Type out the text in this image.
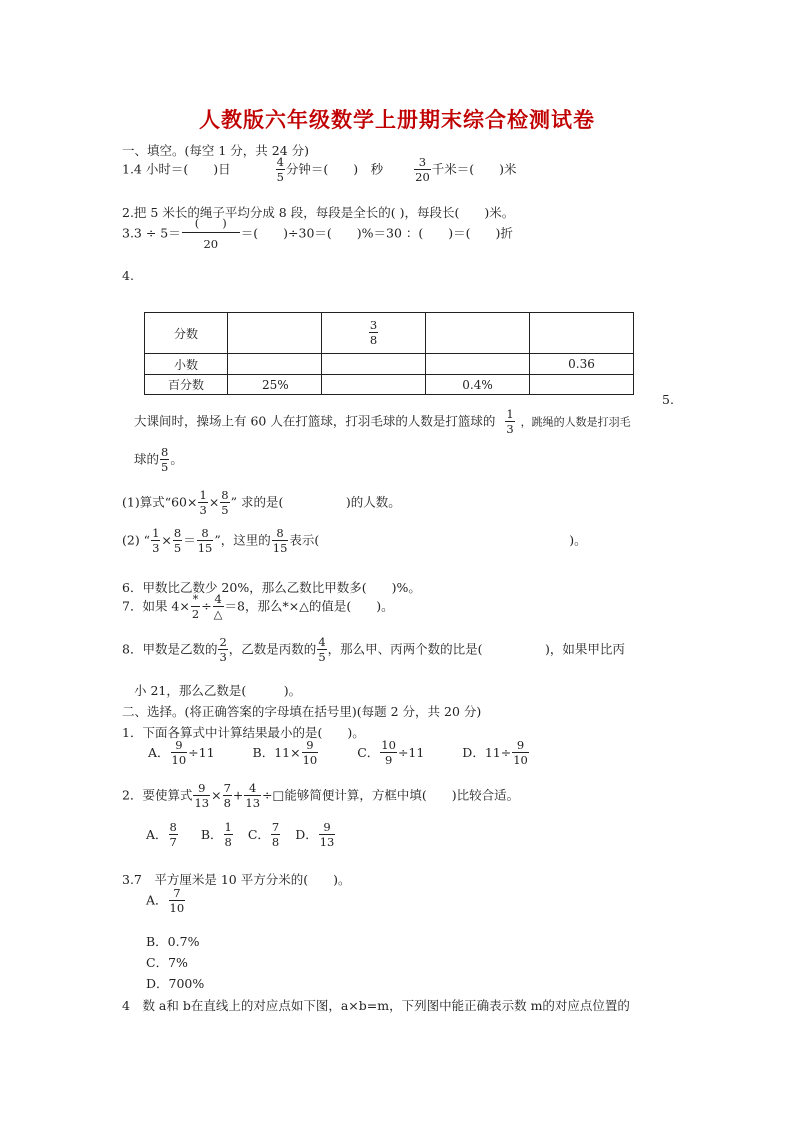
人教版六年级数学上册期末综合检测试卷
一、填空。(每空 1 分，共 24 分)
1.4 小时＝(　　)日	$\frac{4}{5}$ 分钟＝(　　)　秒	$\frac{3}{20}$ 千米＝(　　)米
2.把 5 米长的绳子平均分成 8 段，每段是全长的( )，每段长(　　)米。
$3.3 \div 5= \frac{( )}{20}$ ＝(　　)÷30＝(　　)%＝30 ：(　　)＝(　　)折
4.
分数		$\frac{3}{8}$

小数				0.36
百分数	25%		0.4%	
5.
大课间时，操场上有 60 人在打篮球，打羽毛球的人数是打篮球的 $\frac{1}{3}$ ，跳绳的人数是打羽毛
球的 $\frac{8}{5}$ 。
(1)算式“$60\times \frac{1}{3} \times \frac{8}{5}$ ” 求的是(　　　　　)的人数。
(2) “ $\frac{1}{3} \times \frac{8}{5} = \frac{8}{15}$ ”，这里的 $\frac{8}{15}$ 表示(　　　　　　　　　　　　　　　　　　　　)。
6．甲数比乙数少 20%，那么乙数比甲数多(　　)%。
7．如果 $4\times \frac{*}{2} \div \frac{4}{\triangle} =8$，那么*×△的值是(　　)。
8．甲数是乙数的 $\frac{2}{3}$ ，乙数是丙数的 $\frac{4}{5}$ ，那么甲、丙两个数的比是(　　　　　)，如果甲比丙
小 21，那么乙数是(　　　)。
二、选择。(将正确答案的字母填在括号里)(每题 2 分，共 20 分)
1．下面各算式中计算结果最小的是(　　)。
A． $\frac{9}{10} \div 11$	B．$11\times \frac{9}{10}$	C． $\frac{10}{9} \div 11$	D．$11\div \frac{9}{10}$
2．要使算式 $\frac{9}{13} \times \frac{7}{8} + \frac{4}{13}$ ÷□能够简便计算，方框中填(　　)比较合适。
A． $\frac{8}{7}$ B． $\frac{1}{8}$ C． $\frac{7}{8}$ D． $\frac{9}{13}$
3.7　平方厘米是 10 平方分米的(　　)。
A． $\frac{7}{10}$
B．0.7%
C．7%
D．700%
4　数 a和 b在直线上的对应点如下图，a×b=m，下列图中能正确表示数 m的对应点位置的
